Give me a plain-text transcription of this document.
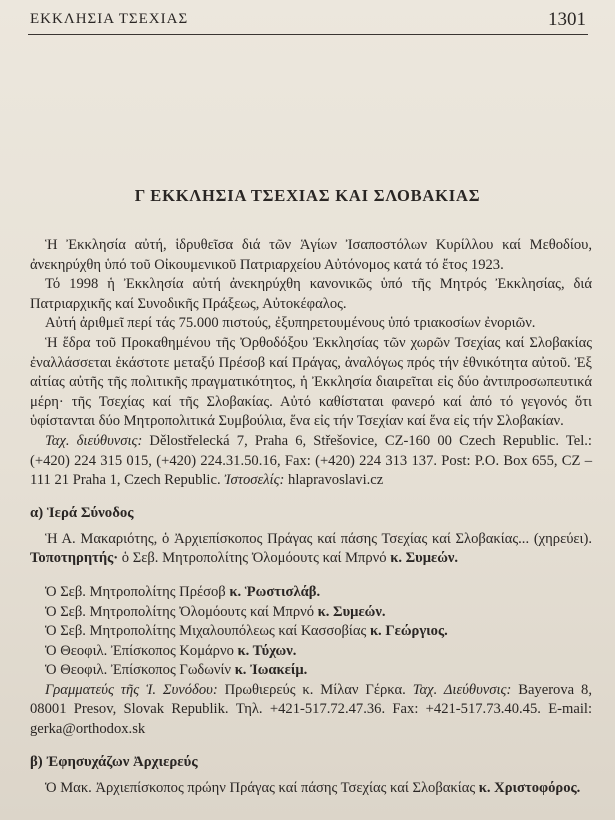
ΕΚΚΛΗΣΙΑ ΤΣΕΧΙΑΣ	1301
Γ ΕΚΚΛΗΣΙΑ ΤΣΕΧΙΑΣ ΚΑΙ ΣΛΟΒΑΚΙΑΣ

Ἡ Ἐκκλησία αὐτή, ἱδρυθεῖσα διά τῶν Ἁγίων Ἰσαποστόλων Κυρίλλου καί Μεθοδίου, ἀνεκηρύχθη ὑπό τοῦ Οἰκουμενικοῦ Πατριαρχείου Αὐτόνομος κατά τό ἔτος 1923.

Τό 1998 ἡ Ἐκκλησία αὐτή ἀνεκηρύχθη κανονικῶς ὑπό τῆς Μητρός Ἐκκλησίας, διά Πατριαρχικῆς καί Συνοδικῆς Πράξεως, Αὐτοκέφαλος.

Αὐτή ἀριθμεῖ περί τάς 75.000 πιστούς, ἐξυπηρετουμένους ὑπό τριακοσίων ἐνοριῶν.

Ἡ ἕδρα τοῦ Προκαθημένου τῆς Ὀρθοδόξου Ἐκκλησίας τῶν χωρῶν Τσεχίας καί Σλοβακίας ἐναλλάσσεται ἑκάστοτε μεταξύ Πρέσοβ καί Πράγας, ἀναλόγως πρός τήν ἐθνικότητα αὐτοῦ. Ἐξ αἰτίας αὐτῆς τῆς πολιτικῆς πραγματικότητος, ἡ Ἐκκλησία διαιρεῖται εἰς δύο ἀντιπροσωπευτικά μέρη· τῆς Τσεχίας καί τῆς Σλοβακίας. Αὐτό καθίσταται φανερό καί ἀπό τό γεγονός ὅτι ὑφίστανται δύο Μητροπολιτικά Συμβούλια, ἕνα εἰς τήν Τσεχίαν καί ἕνα εἰς τήν Σλοβακίαν.

Ταχ. διεύθυνσις: Dělostřelecká 7, Praha 6, Střešovice, CZ-160 00 Czech Republic. Tel.: (+420) 224 315 015, (+420) 224.31.50.16, Fax: (+420) 224 313 137. Post: P.O. Box 655, CZ – 111 21 Praha 1, Czech Republic. Ἰστοσελίς: hlapravoslavi.cz

α) Ἱερά Σύνοδος

Ἡ Α. Μακαριότης, ὁ Ἀρχιεπίσκοπος Πράγας καί πάσης Τσεχίας καί Σλοβακίας... (χηρεύει). Τοποτηρητής· ὁ Σεβ. Μητροπολίτης Ὀλομόουτς καί Μπρνό κ. Συμεών.

Ὁ Σεβ. Μητροπολίτης Πρέσοβ κ. Ῥωστισλάβ.
Ὁ Σεβ. Μητροπολίτης Ὀλομόουτς καί Μπρνό κ. Συμεών.
Ὁ Σεβ. Μητροπολίτης Μιχαλουπόλεως καί Κασσοβίας κ. Γεώργιος.
Ὁ Θεοφιλ. Ἐπίσκοπος Κομάρνο κ. Τύχων.
Ὁ Θεοφιλ. Ἐπίσκοπος Γωδωνίν κ. Ἰωακείμ.

Γραμματεύς τῆς Ἱ. Συνόδου: Πρωθιερεύς κ. Μίλαν Γέρκα. Ταχ. Διεύθυνσις: Bayerova 8, 08001 Presov, Slovak Republik. Τηλ. +421-517.72.47.36. Fax: +421-517.73.40.45. E-mail: gerka@orthodox.sk

β) Ἐφησυχάζων Ἀρχιερεύς

Ὁ Μακ. Ἀρχιεπίσκοπος πρώην Πράγας καί πάσης Τσεχίας καί Σλοβακίας κ. Χριστοφόρος.
